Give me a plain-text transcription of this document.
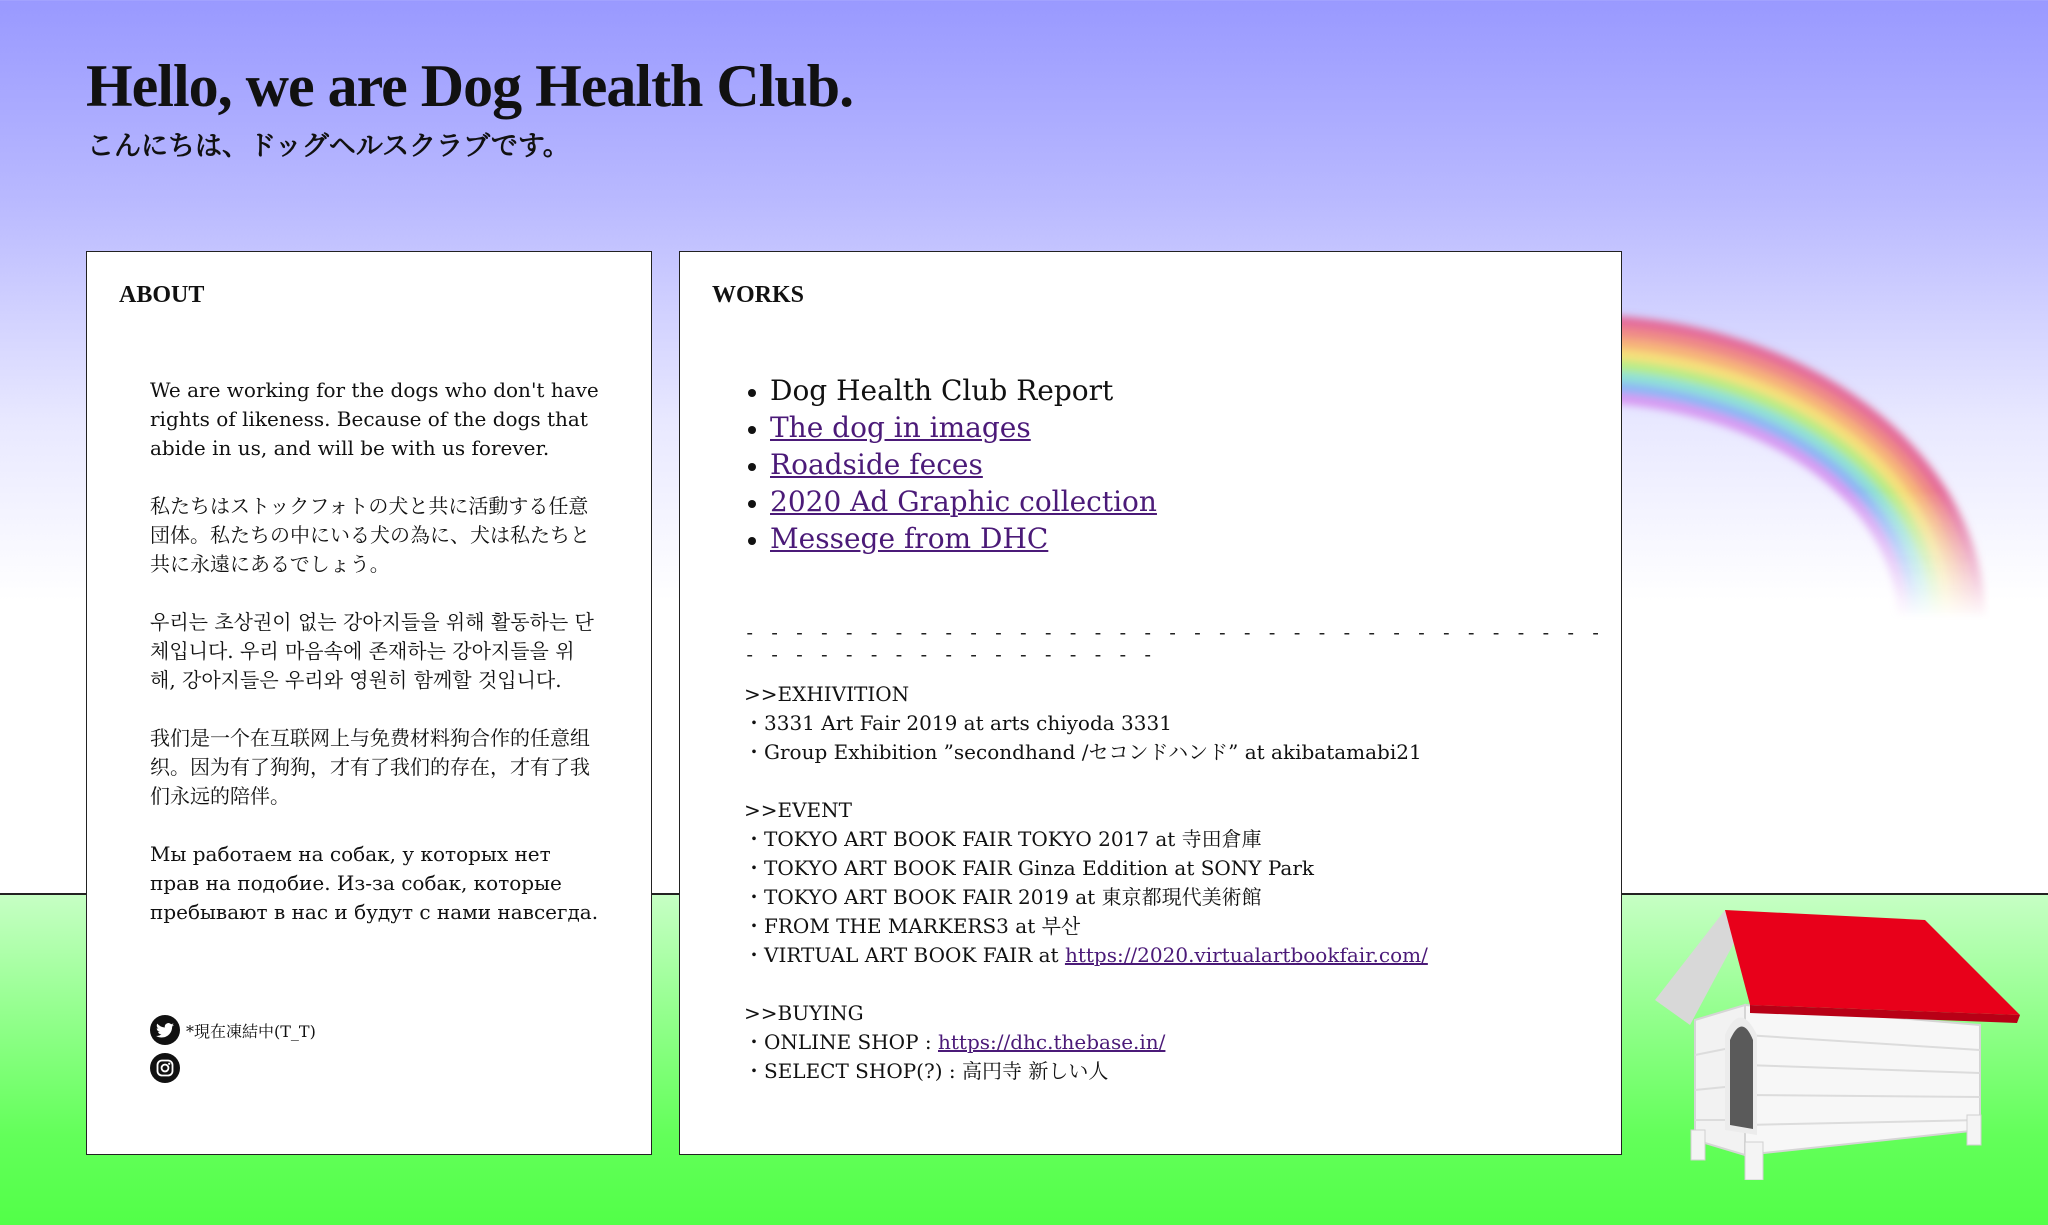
Hello, we are Dog Health Club.

こんにちは、ドッグヘルスクラブです。

ABOUT

We are working for the dogs who don't have rights of likeness. Because of the dogs that abide in us, and will be with us forever.

私たちはストックフォトの犬と共に活動する任意団体。私たちの中にいる犬の為に、犬は私たちと共に永遠にあるでしょう。

우리는 초상권이 없는 강아지들을 위해 활동하는 단체입니다. 우리 마음속에 존재하는 강아지들을 위해, 강아지들은 우리와 영원히 함께할 것입니다.

我们是一个在互联网上与免费材料狗合作的任意组织。因为有了狗狗，才有了我们的存在，才有了我们永远的陪伴。

Мы работаем на собак, у которых нет прав на подобие. Из-за собак, которые пребывают в нас и будут с нами навсегда.

*現在凍結中(T_T)
WORKS
• Dog Health Club Report
• The dog in images
• Roadside feces
• 2020 Ad Graphic collection
• Messege from DHC
- - - - - - - - - - - - - - - - - - - - - - - - - - - - - - - - - - - - - - - - - - - - - - - - - - - -
>>EXHIVITION
・3331 Art Fair 2019 at arts chiyoda 3331
・Group Exhibition ”secondhand /セコンドハンド” at akibatamabi21
>>EVENT
・TOKYO ART BOOK FAIR TOKYO 2017 at 寺田倉庫
・TOKYO ART BOOK FAIR Ginza Eddition at SONY Park
・TOKYO ART BOOK FAIR 2019 at 東京都現代美術館
・FROM THE MARKERS3 at 부산
・VIRTUAL ART BOOK FAIR at https://2020.virtualartbookfair.com/
>>BUYING
・ONLINE SHOP : https://dhc.thebase.in/
・SELECT SHOP(?) : 高円寺 新しい人
